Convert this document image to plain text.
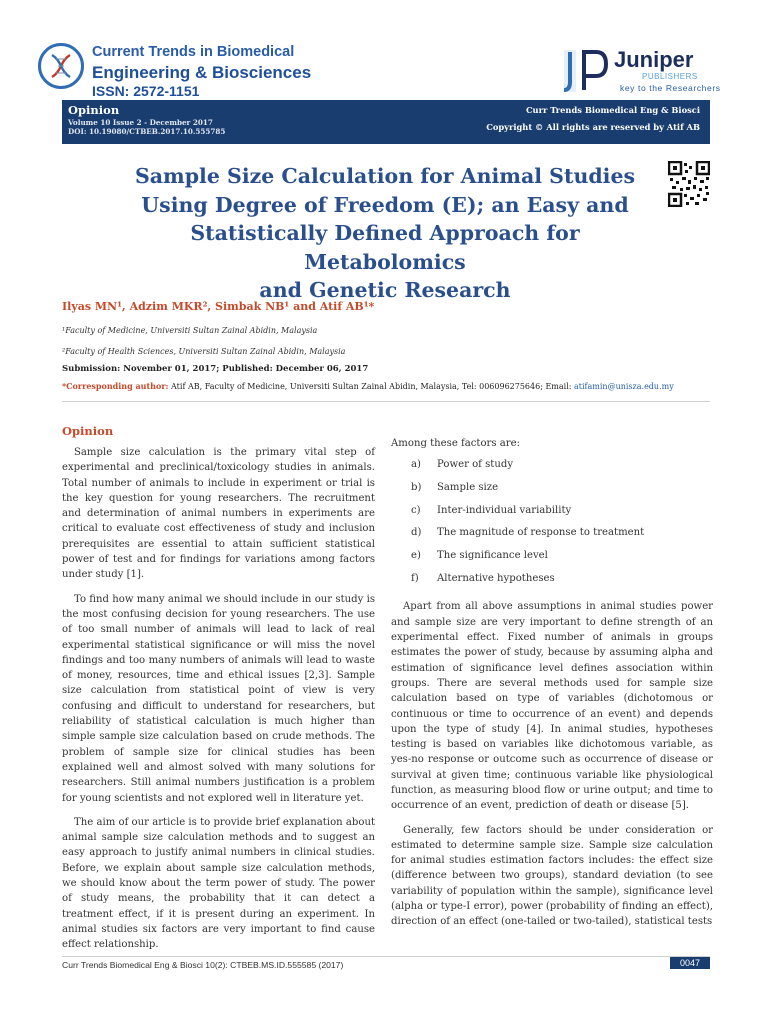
Current Trends in Biomedical
Engineering & Biosciences
ISSN: 2572-1151
Juniper
PUBLISHERS
key to the Researchers
Opinion
Volume 10 Issue 2 - December 2017
DOI: 10.19080/CTBEB.2017.10.555785
Curr Trends Biomedical Eng & Biosci
Copyright © All rights are reserved by Atif AB
Sample Size Calculation for Animal Studies
Using Degree of Freedom (E); an Easy and
Statistically Defined Approach for Metabolomics
and Genetic Research
Ilyas MN¹, Adzim MKR², Simbak NB¹ and Atif AB¹*
¹Faculty of Medicine, Universiti Sultan Zainal Abidin, Malaysia
²Faculty of Health Sciences, Universiti Sultan Zainal Abidin, Malaysia
Submission: November 01, 2017; Published: December 06, 2017
*Corresponding author: Atif AB, Faculty of Medicine, Universiti Sultan Zainal Abidin, Malaysia, Tel: 006096275646; Email: atifamin@unisza.edu.my
Opinion

Sample size calculation is the primary vital step of experimental and preclinical/toxicology studies in animals. Total number of animals to include in experiment or trial is the key question for young researchers. The recruitment and determination of animal numbers in experiments are critical to evaluate cost effectiveness of study and inclusion prerequisites are essential to attain sufficient statistical power of test and for findings for variations among factors under study [1].

To find how many animal we should include in our study is the most confusing decision for young researchers. The use of too small number of animals will lead to lack of real experimental statistical significance or will miss the novel findings and too many numbers of animals will lead to waste of money, resources, time and ethical issues [2,3]. Sample size calculation from statistical point of view is very confusing and difficult to understand for researchers, but reliability of statistical calculation is much higher than simple sample size calculation based on crude methods. The problem of sample size for clinical studies has been explained well and almost solved with many solutions for researchers. Still animal numbers justification is a problem for young scientists and not explored well in literature yet.

The aim of our article is to provide brief explanation about animal sample size calculation methods and to suggest an easy approach to justify animal numbers in clinical studies. Before, we explain about sample size calculation methods, we should know about the term power of study. The power of study means, the probability that it can detect a treatment effect, if it is present during an experiment. In animal studies six factors are very important to find cause effect relationship.

Among these factors are:
a)	Power of study
b)	Sample size
c)	Inter-individual variability
d)	The magnitude of response to treatment
e)	The significance level
f)	Alternative hypotheses

Apart from all above assumptions in animal studies power and sample size are very important to define strength of an experimental effect. Fixed number of animals in groups estimates the power of study, because by assuming alpha and estimation of significance level defines association within groups. There are several methods used for sample size calculation based on type of variables (dichotomous or continuous or time to occurrence of an event) and depends upon the type of study [4]. In animal studies, hypotheses testing is based on variables like dichotomous variable, as yes-no response or outcome such as occurrence of disease or survival at given time; continuous variable like physiological function, as measuring blood flow or urine output; and time to occurrence of an event, prediction of death or disease [5].

Generally, few factors should be under consideration or estimated to determine sample size. Sample size calculation for animal studies estimation factors includes: the effect size (difference between two groups), standard deviation (to see variability of population within the sample), significance level (alpha or type-I error), power (probability of finding an effect), direction of an effect (one-tailed or two-tailed), statistical tests

Curr Trends Biomedical Eng & Biosci 10(2): CTBEB.MS.ID.555585 (2017)	0047
